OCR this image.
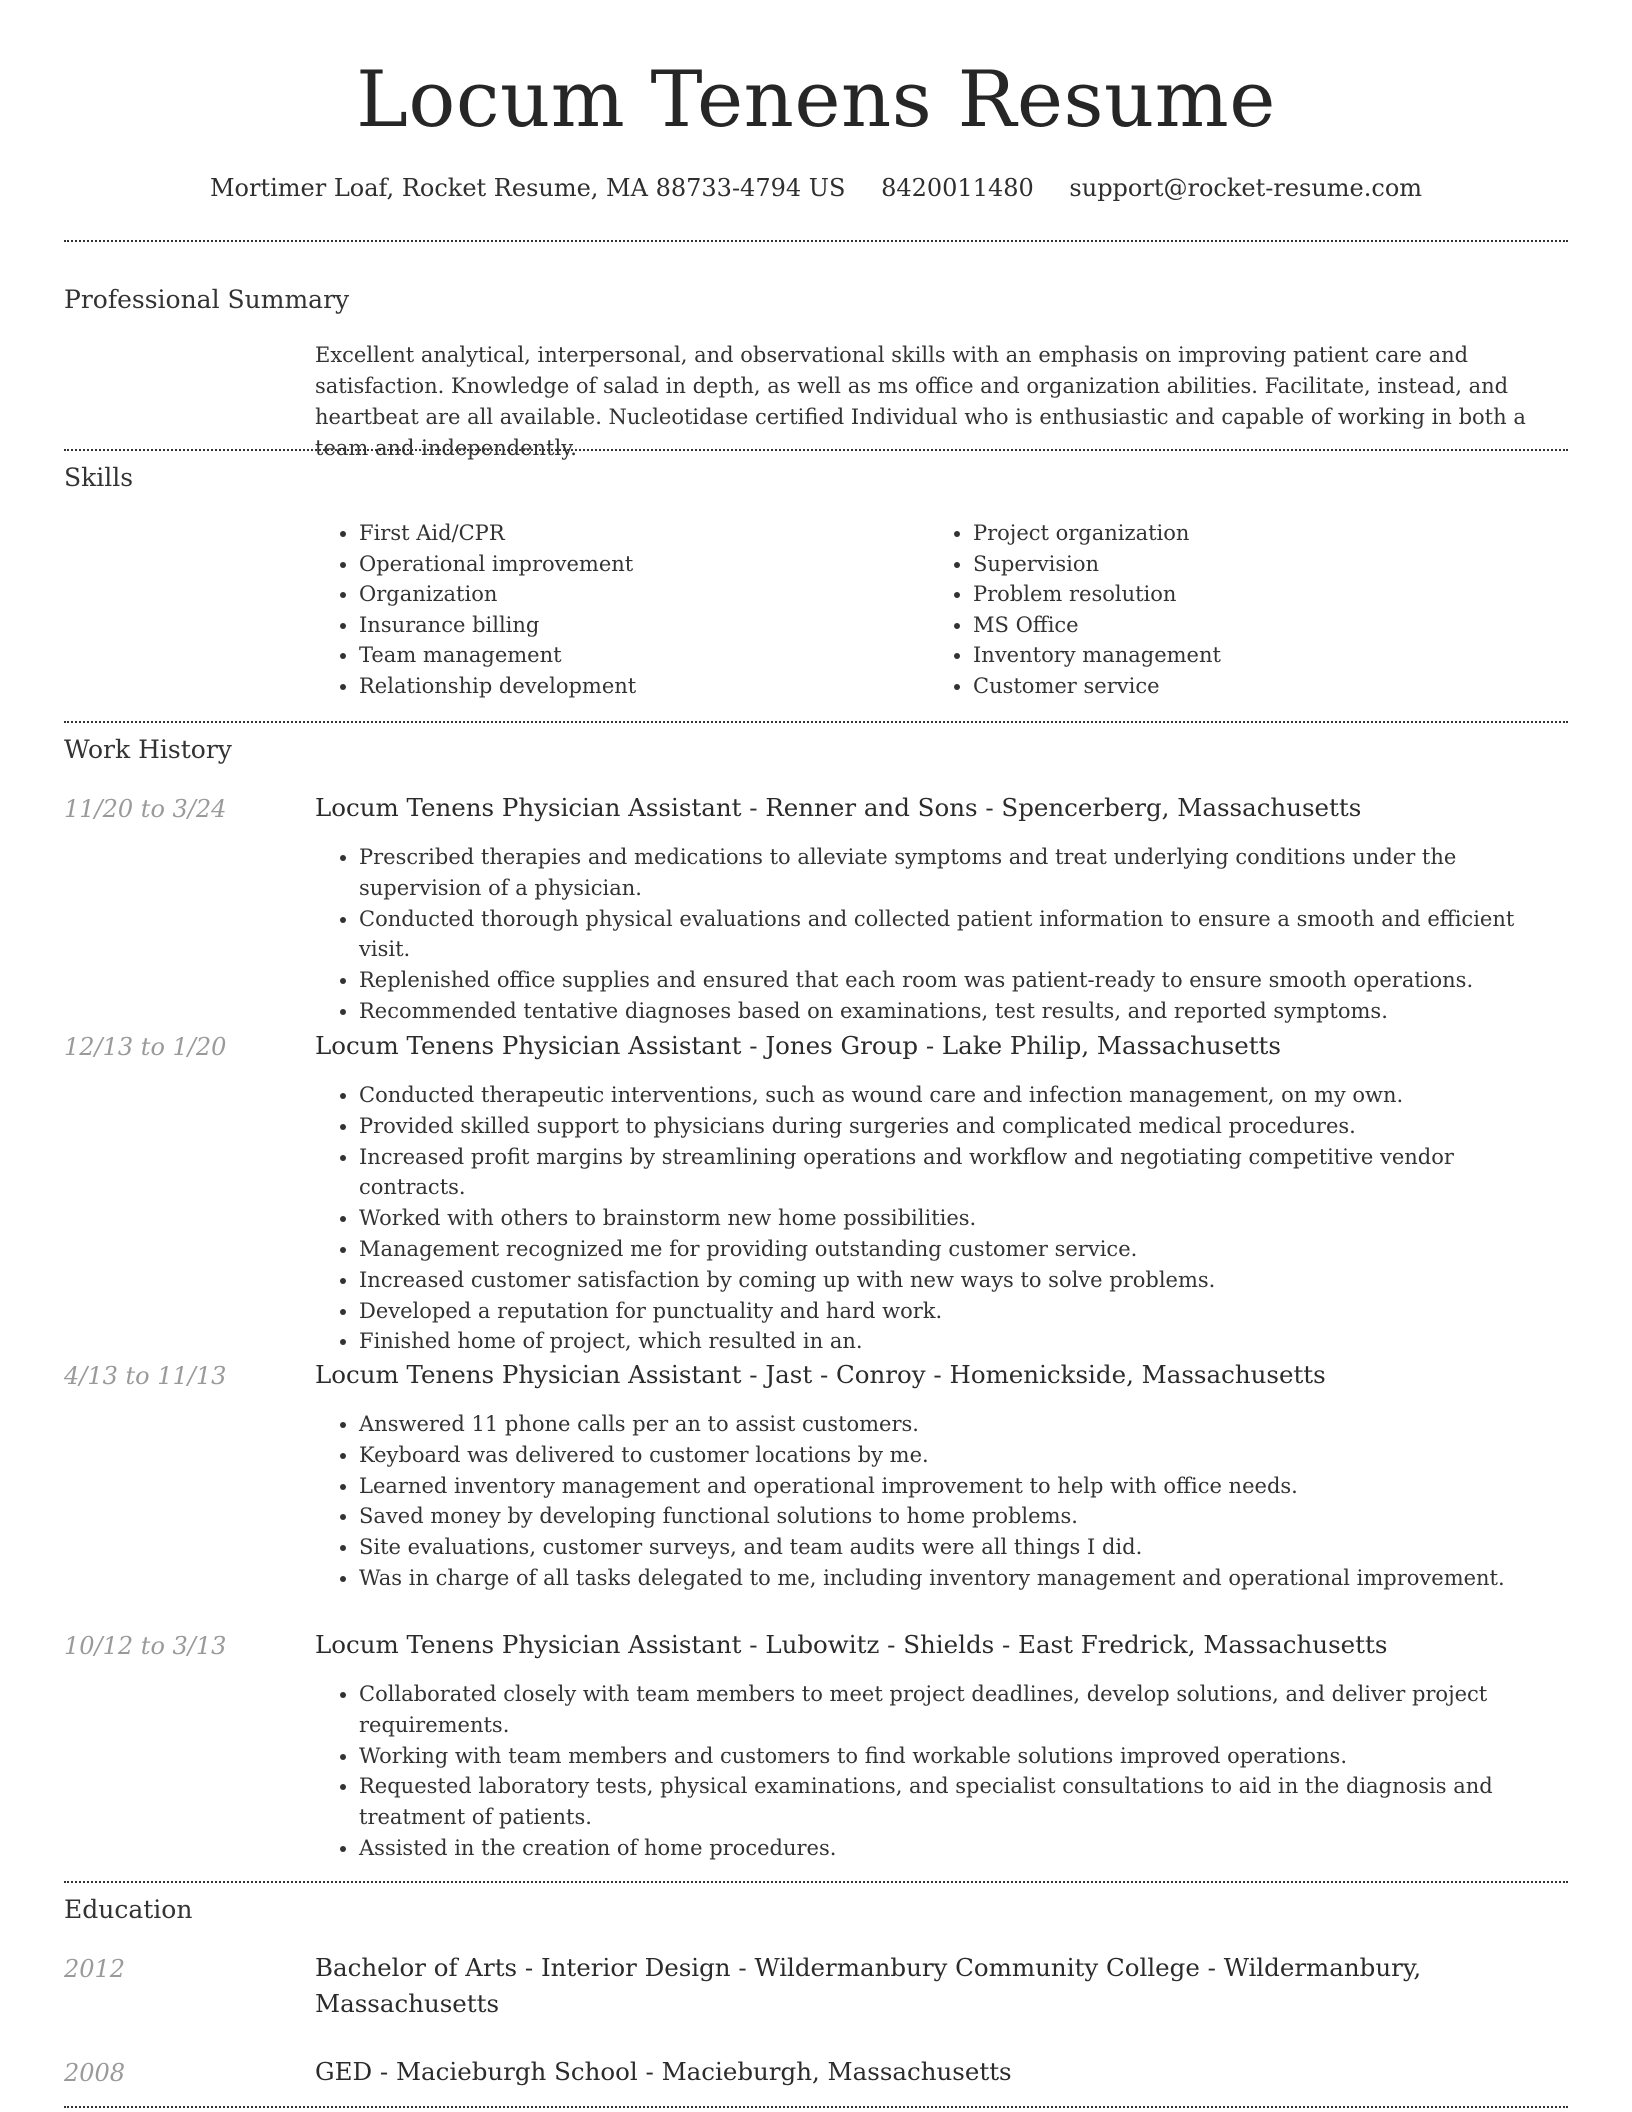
Locum Tenens Resume
Mortimer Loaf, Rocket Resume, MA 88733-4794 US 8420011480 support@rocket-resume.com
Professional Summary
Excellent analytical, interpersonal, and observational skills with an emphasis on improving patient care and satisfaction. Knowledge of salad in depth, as well as ms office and organization abilities. Facilitate, instead, and heartbeat are all available. Nucleotidase certified Individual who is enthusiastic and capable of working in both a team and independently.
Skills
• First Aid/CPR
• Operational improvement
• Organization
• Insurance billing
• Team management
• Relationship development
• Project organization
• Supervision
• Problem resolution
• MS Office
• Inventory management
• Customer service
Work History
11/20 to 3/24	Locum Tenens Physician Assistant - Renner and Sons - Spencerberg, Massachusetts
• Prescribed therapies and medications to alleviate symptoms and treat underlying conditions under the supervision of a physician.
• Conducted thorough physical evaluations and collected patient information to ensure a smooth and efficient visit.
• Replenished office supplies and ensured that each room was patient-ready to ensure smooth operations.
• Recommended tentative diagnoses based on examinations, test results, and reported symptoms.
12/13 to 1/20	Locum Tenens Physician Assistant - Jones Group - Lake Philip, Massachusetts
• Conducted therapeutic interventions, such as wound care and infection management, on my own.
• Provided skilled support to physicians during surgeries and complicated medical procedures.
• Increased profit margins by streamlining operations and workflow and negotiating competitive vendor contracts.
• Worked with others to brainstorm new home possibilities.
• Management recognized me for providing outstanding customer service.
• Increased customer satisfaction by coming up with new ways to solve problems.
• Developed a reputation for punctuality and hard work.
• Finished home of project, which resulted in an.
4/13 to 11/13	Locum Tenens Physician Assistant - Jast - Conroy - Homenickside, Massachusetts
• Answered 11 phone calls per an to assist customers.
• Keyboard was delivered to customer locations by me.
• Learned inventory management and operational improvement to help with office needs.
• Saved money by developing functional solutions to home problems.
• Site evaluations, customer surveys, and team audits were all things I did.
• Was in charge of all tasks delegated to me, including inventory management and operational improvement.
10/12 to 3/13	Locum Tenens Physician Assistant - Lubowitz - Shields - East Fredrick, Massachusetts
• Collaborated closely with team members to meet project deadlines, develop solutions, and deliver project requirements.
• Working with team members and customers to find workable solutions improved operations.
• Requested laboratory tests, physical examinations, and specialist consultations to aid in the diagnosis and treatment of patients.
• Assisted in the creation of home procedures.
Education
2012	Bachelor of Arts - Interior Design - Wildermanbury Community College - Wildermanbury, Massachusetts
2008	GED - Macieburgh School - Macieburgh, Massachusetts
